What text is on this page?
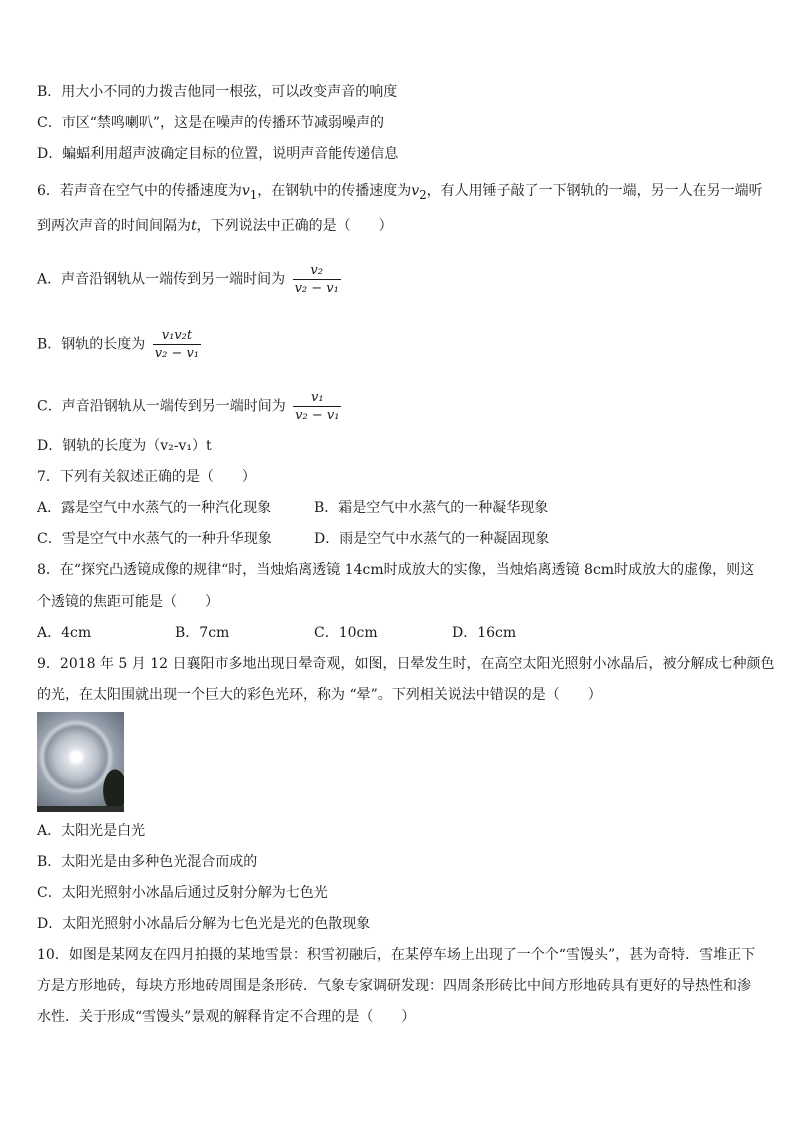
B．用大小不同的力拨吉他同一根弦，可以改变声音的响度
C．市区“禁鸣喇叭”，这是在噪声的传播环节减弱噪声的
D．蝙蝠利用超声波确定目标的位置，说明声音能传递信息
6．若声音在空气中的传播速度为$v_1$，在钢轨中的传播速度为$v_2$，有人用锤子敲了一下钢轨的一端，另一人在另一端听
到两次声音的时间间隔为t，下列说法中正确的是（　　）
A．声音沿钢轨从一端传到另一端时间为 $\frac{\text{v₂}}{\text{v₂ − v₁}}$
B．钢轨的长度为 $\frac{\text{v₁v₂t}}{\text{v₂ − v₁}}$
C．声音沿钢轨从一端传到另一端时间为 $\frac{\text{v₁}}{\text{v₂ − v₁}}$
D．钢轨的长度为（v₂-v₁）t
7．下列有关叙述正确的是（　　）
A．露是空气中水蒸气的一种汽化现象	B．霜是空气中水蒸气的一种凝华现象
C．雪是空气中水蒸气的一种升华现象	D．雨是空气中水蒸气的一种凝固现象
8．在“探究凸透镜成像的规律“时，当烛焰离透镜 14cm时成放大的实像，当烛焰离透镜 8cm时成放大的虚像，则这
个透镜的焦距可能是（　　）
A．4cm	B．7cm	C．10cm	D．16cm
9．2018 年 5 月 12 日襄阳市多地出现日晕奇观，如图，日晕发生时，在高空太阳光照射小冰晶后，被分解成七种颜色
的光，在太阳围就出现一个巨大的彩色光环，称为 “晕”。下列相关说法中错误的是（　　）
A．太阳光是白光
B．太阳光是由多种色光混合而成的
C．太阳光照射小冰晶后通过反射分解为七色光
D．太阳光照射小冰晶后分解为七色光是光的色散现象
10．如图是某网友在四月拍摄的某地雪景：积雪初融后，在某停车场上出现了一个个“雪馒头”，甚为奇特．雪堆正下
方是方形地砖，每块方形地砖周围是条形砖．气象专家调研发现：四周条形砖比中间方形地砖具有更好的导热性和渗
水性．关于形成“雪馒头”景观的解释肯定不合理的是（　　）
